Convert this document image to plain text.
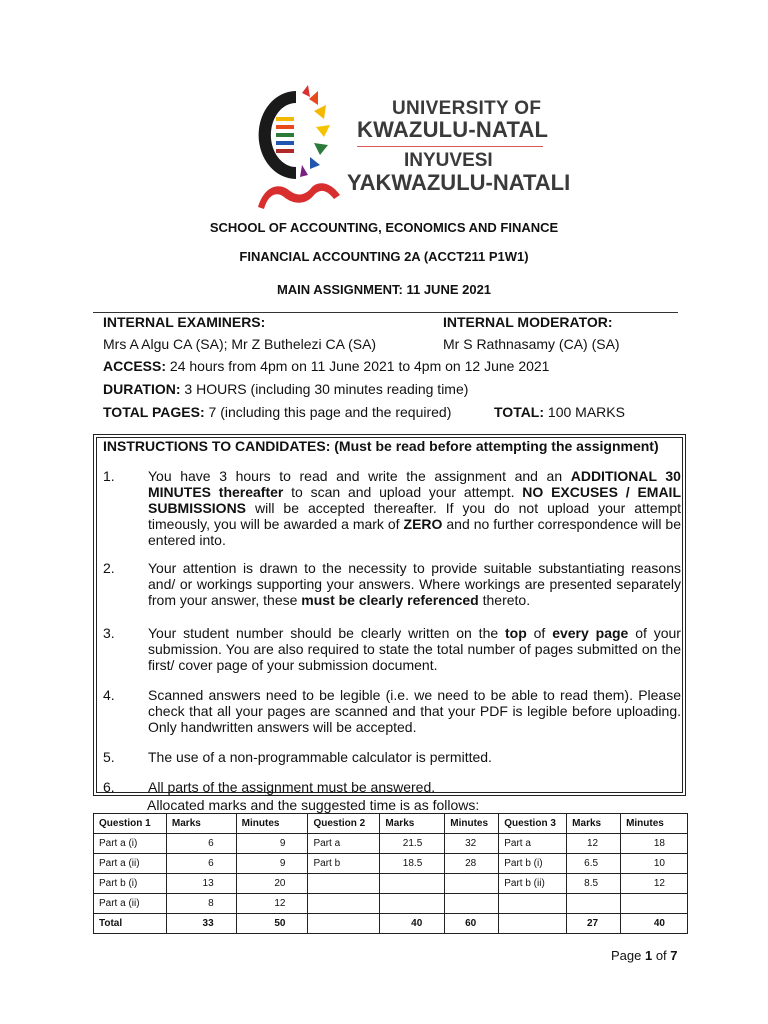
UNIVERSITY OF
KWAZULU-NATAL
INYUVESI
YAKWAZULU-NATALI
SCHOOL OF ACCOUNTING, ECONOMICS AND FINANCE
FINANCIAL ACCOUNTING 2A (ACCT211 P1W1)
MAIN ASSIGNMENT: 11 JUNE 2021
INTERNAL EXAMINERS:	INTERNAL MODERATOR:
Mrs A Algu CA (SA); Mr Z Buthelezi CA (SA)	Mr S Rathnasamy (CA) (SA)
ACCESS: 24 hours from 4pm on 11 June 2021 to 4pm on 12 June 2021
DURATION: 3 HOURS (including 30 minutes reading time)
TOTAL PAGES: 7 (including this page and the required)	TOTAL: 100 MARKS
INSTRUCTIONS TO CANDIDATES: (Must be read before attempting the assignment)
1. You have 3 hours to read and write the assignment and an ADDITIONAL 30 MINUTES thereafter to scan and upload your attempt. NO EXCUSES / EMAIL SUBMISSIONS will be accepted thereafter. If you do not upload your attempt timeously, you will be awarded a mark of ZERO and no further correspondence will be entered into.
2. Your attention is drawn to the necessity to provide suitable substantiating reasons and/ or workings supporting your answers. Where workings are presented separately from your answer, these must be clearly referenced thereto.
3. Your student number should be clearly written on the top of every page of your submission. You are also required to state the total number of pages submitted on the first/ cover page of your submission document.
4. Scanned answers need to be legible (i.e. we need to be able to read them). Please check that all your pages are scanned and that your PDF is legible before uploading. Only handwritten answers will be accepted.
5. The use of a non-programmable calculator is permitted.
6. All parts of the assignment must be answered.
Allocated marks and the suggested time is as follows:
Question 1	Marks	Minutes	Question 2	Marks	Minutes	Question 3	Marks	Minutes
Part a (i)	6	9	Part a	21.5	32	Part a	12	18
Part a (ii)	6	9	Part b	18.5	28	Part b (i)	6.5	10
Part b (i)	13	20				Part b (ii)	8.5	12
Part a (ii)	8	12						
Total	33	50		40	60		27	40
Page 1 of 7
